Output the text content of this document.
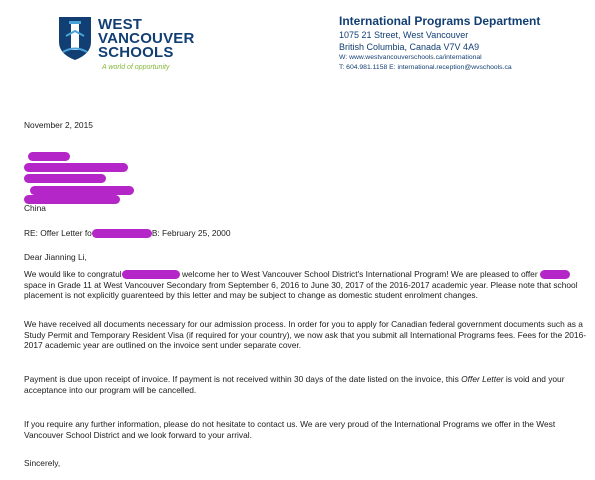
WEST
VANCOUVER
SCHOOLS
A world of opportunity
International Programs Department
1075 21 Street, West Vancouver
British Columbia, Canada V7V 4A9
W: www.westvancouverschools.ca/international
T: 604.981.1158 E: international.reception@wvschools.ca
November 2, 2015
China
RE: Offer Letter fo	B: February 25, 2000
Dear Jianning Li,
We would like to congratul	welcome her to West Vancouver School District's International Program! We are pleased to offer  space in Grade 11 at West Vancouver Secondary from September 6, 2016 to June 30, 2017 of the 2016-2017 academic year. Please note that school placement is not explicitly guarenteed by this letter and may be subject to change as domestic student enrolment changes.
We have received all documents necessary for our admission process. In order for you to apply for Canadian federal government documents such as a Study Permit and Temporary Resident Visa (if required for your country), we now ask that you submit all International Programs fees. Fees for the 2016-2017 academic year are outlined on the invoice sent under separate cover.
Payment is due upon receipt of invoice. If payment is not received within 30 days of the date listed on the invoice, this Offer Letter is void and your acceptance into our program will be cancelled.
If you require any further information, please do not hesitate to contact us. We are very proud of the International Programs we offer in the West Vancouver School District and we look forward to your arrival.
Sincerely,
